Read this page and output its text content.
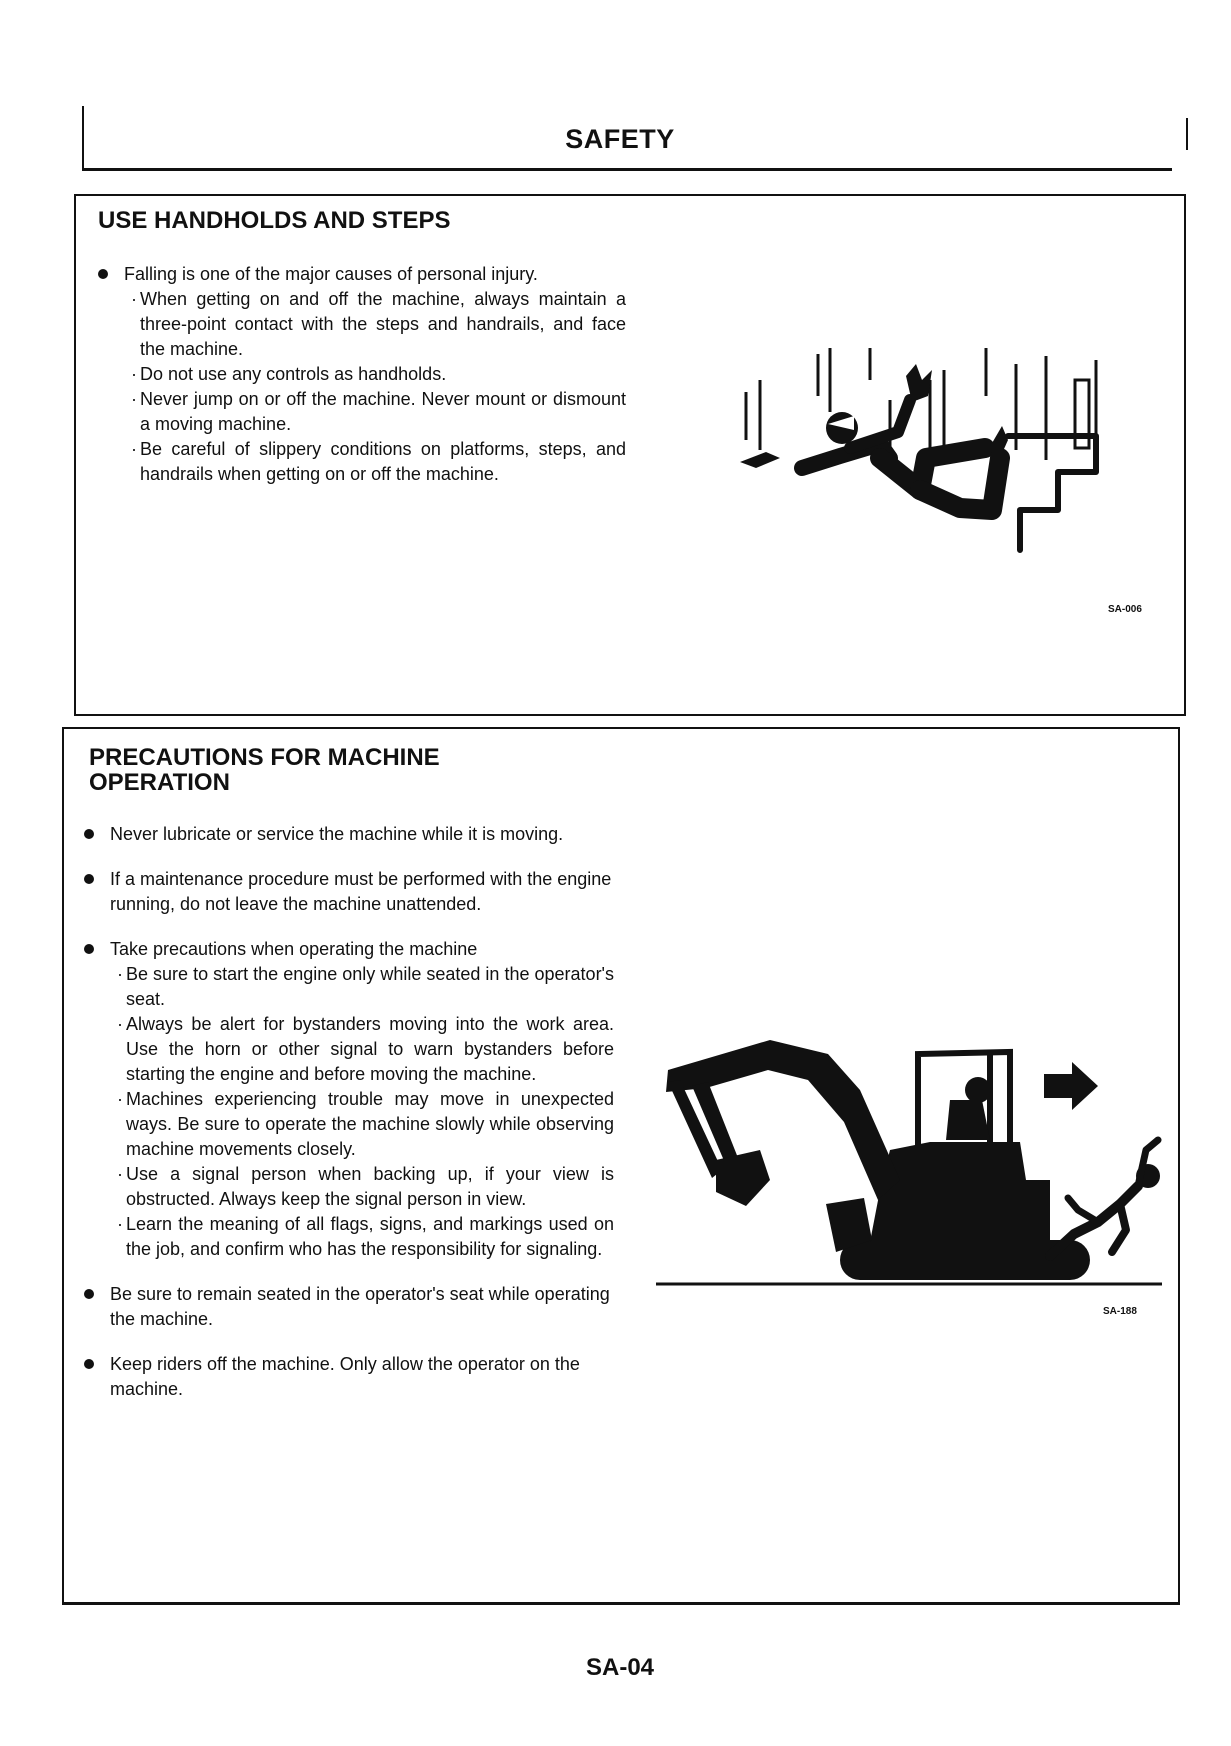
SAFETY
USE HANDHOLDS AND STEPS
Falling is one of the major causes of personal injury.
· When getting on and off the machine, always maintain a three-point contact with the steps and handrails, and face the machine.
· Do not use any controls as handholds.
· Never jump on or off the machine. Never mount or dismount a moving machine.
· Be careful of slippery conditions on platforms, steps, and handrails when getting on or off the machine.

SA-006

PRECAUTIONS FOR MACHINE
OPERATION
Never lubricate or service the machine while it is moving.
If a maintenance procedure must be performed with the engine running, do not leave the machine unattended.
Take precautions when operating the machine
· Be sure to start the engine only while seated in the operator's seat.
· Always be alert for bystanders moving into the work area. Use the horn or other signal to warn bystanders before starting the engine and before moving the machine.
· Machines experiencing trouble may move in unexpected ways. Be sure to operate the machine slowly while observing machine movements closely.
· Use a signal person when backing up, if your view is obstructed. Always keep the signal person in view.
· Learn the meaning of all flags, signs, and markings used on the job, and confirm who has the responsibility for signaling.
Be sure to remain seated in the operator's seat while operating the machine.
Keep riders off the machine. Only allow the operator on the machine.

SA-188

SA-04
